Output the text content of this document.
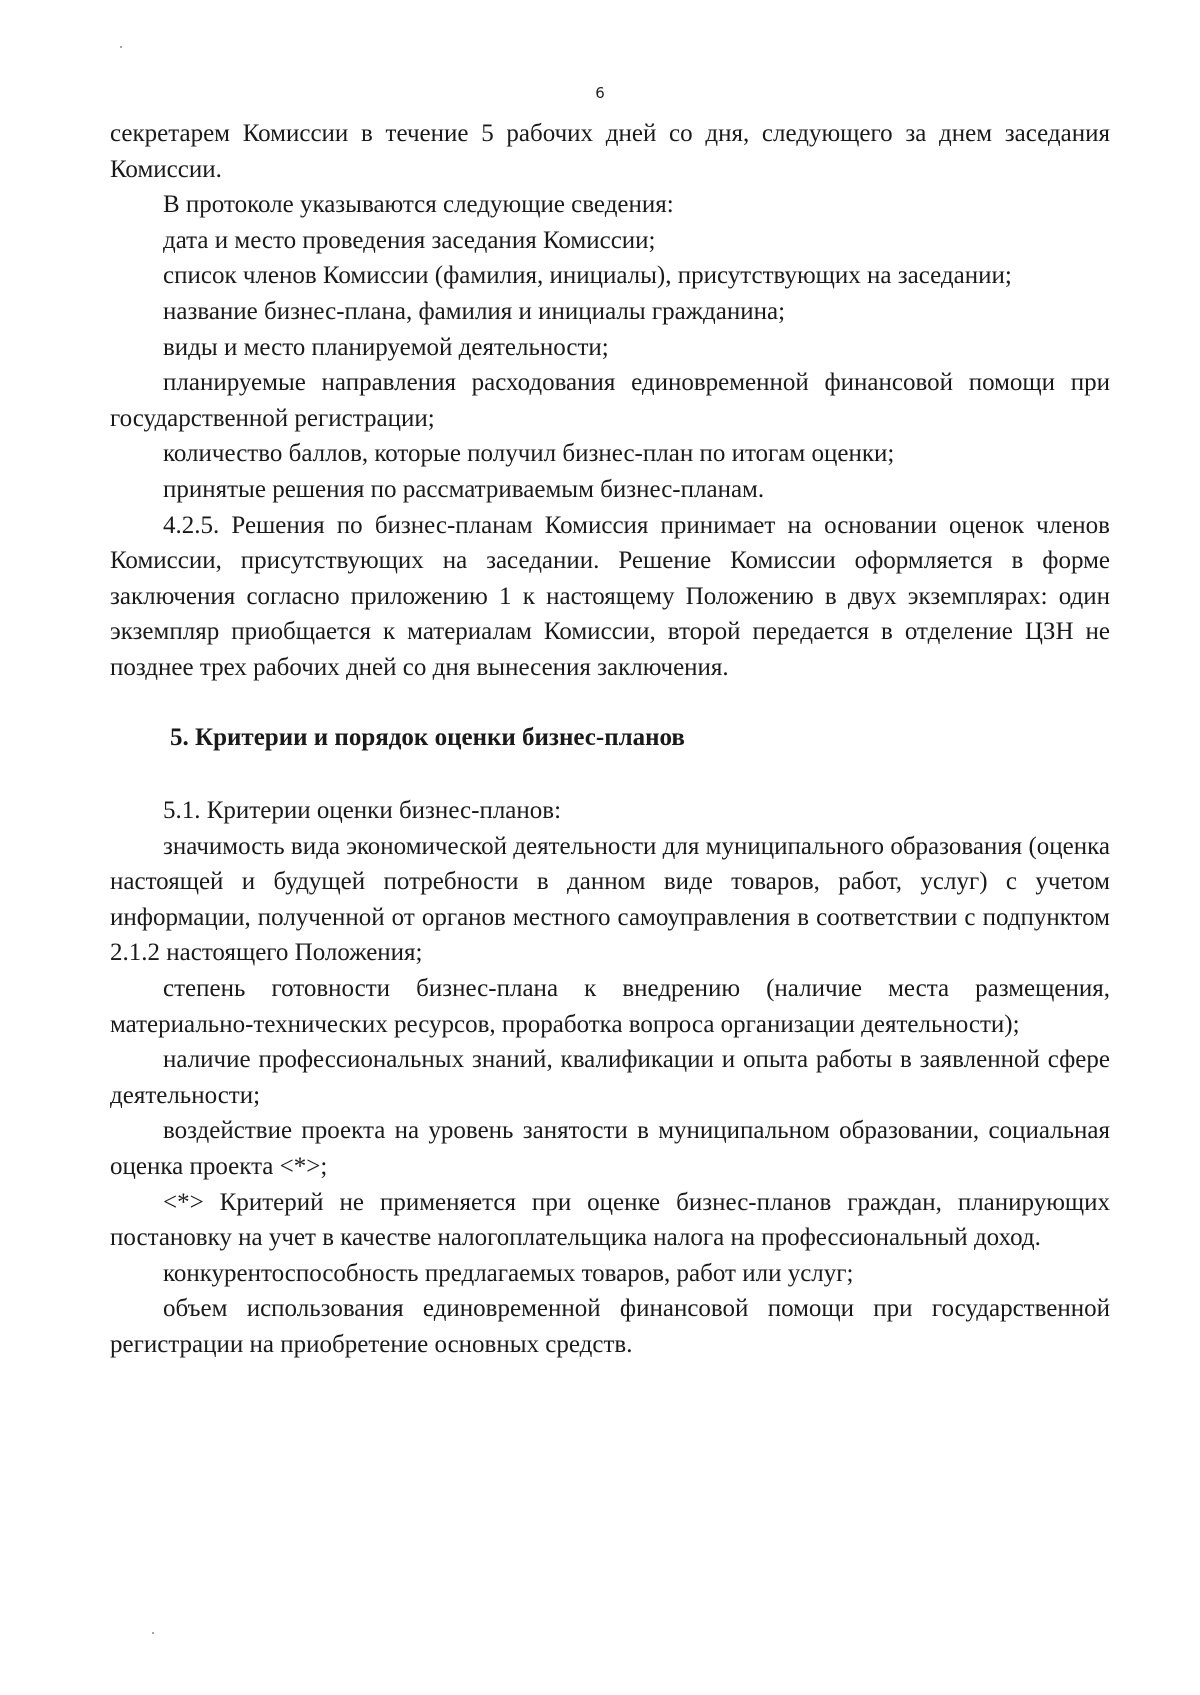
6

секретарем Комиссии в течение 5 рабочих дней со дня, следующего за днем заседания Комиссии.

В протоколе указываются следующие сведения:

дата и место проведения заседания Комиссии;

список членов Комиссии (фамилия, инициалы), присутствующих на заседании;

название бизнес-плана, фамилия и инициалы гражданина;

виды и место планируемой деятельности;

планируемые направления расходования единовременной финансовой помощи при государственной регистрации;

количество баллов, которые получил бизнес-план по итогам оценки;

принятые решения по рассматриваемым бизнес-планам.

4.2.5. Решения по бизнес-планам Комиссия принимает на основании оценок членов Комиссии, присутствующих на заседании. Решение Комиссии оформляется в форме заключения согласно приложению 1 к настоящему Положению в двух экземплярах: один экземпляр приобщается к материалам Комиссии, второй передается в отделение ЦЗН не позднее трех рабочих дней со дня вынесения заключения.

5. Критерии и порядок оценки бизнес-планов

5.1. Критерии оценки бизнес-планов:

значимость вида экономической деятельности для муниципального образования (оценка настоящей и будущей потребности в данном виде товаров, работ, услуг) с учетом информации, полученной от органов местного самоуправления в соответствии с подпунктом 2.1.2 настоящего Положения;

степень готовности бизнес-плана к внедрению (наличие места размещения, материально-технических ресурсов, проработка вопроса организации деятельности);

наличие профессиональных знаний, квалификации и опыта работы в заявленной сфере деятельности;

воздействие проекта на уровень занятости в муниципальном образовании, социальная оценка проекта <*>;

<*> Критерий не применяется при оценке бизнес-планов граждан, планирующих постановку на учет в качестве налогоплательщика налога на профессиональный доход.

конкурентоспособность предлагаемых товаров, работ или услуг;

объем использования единовременной финансовой помощи при государственной регистрации на приобретение основных средств.
